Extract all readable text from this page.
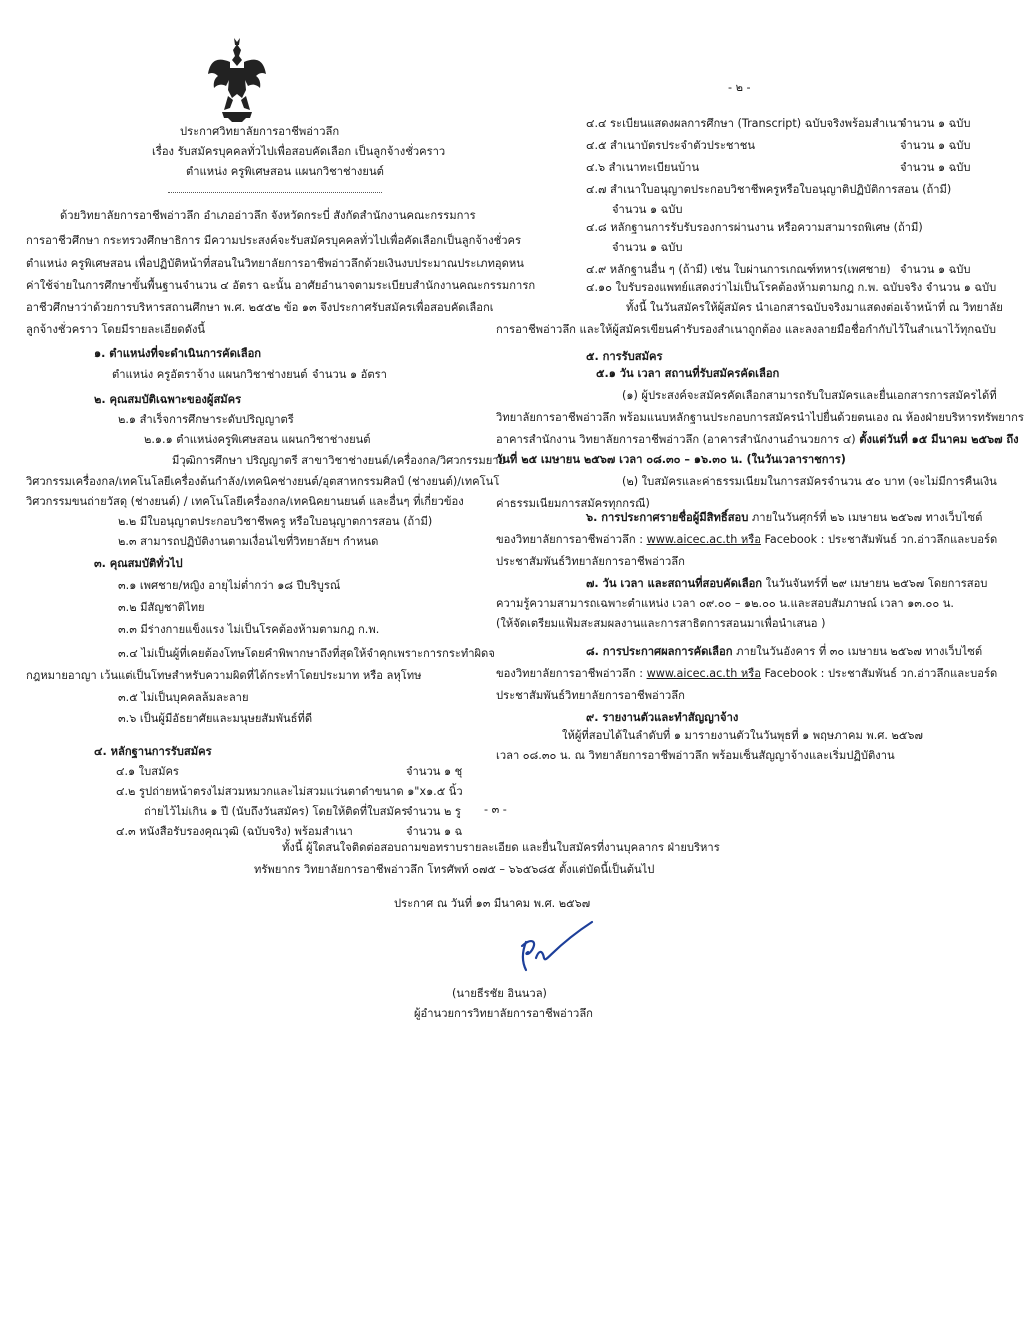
ประกาศวิทยาลัยการอาชีพอ่าวลึก
เรื่อง รับสมัครบุคคลทั่วไปเพื่อสอบคัดเลือก เป็นลูกจ้างชั่วคราว
ตำแหน่ง ครูพิเศษสอน แผนกวิชาช่างยนต์
ด้วยวิทยาลัยการอาชีพอ่าวลึก อำเภออ่าวลึก จังหวัดกระบี่ สังกัดสำนักงานคณะกรรมการ
การอาชีวศึกษา กระทรวงศึกษาธิการ มีความประสงค์จะรับสมัครบุคคลทั่วไปเพื่อคัดเลือกเป็นลูกจ้างชั่วคร
ตำแหน่ง ครูพิเศษสอน เพื่อปฏิบัติหน้าที่สอนในวิทยาลัยการอาชีพอ่าวลึกด้วยเงินงบประมาณประเภทอุดหน
ค่าใช้จ่ายในการศึกษาขั้นพื้นฐานจำนวน ๔ อัตรา ฉะนั้น อาศัยอำนาจตามระเบียบสำนักงานคณะกรรมการก
อาชีวศึกษาว่าด้วยการบริหารสถานศึกษา พ.ศ. ๒๕๕๒ ข้อ ๑๓ จึงประกาศรับสมัครเพื่อสอบคัดเลือกเ
ลูกจ้างชั่วคราว โดยมีรายละเอียดดังนี้
๑. ตำแหน่งที่จะดำเนินการคัดเลือก
ตำแหน่ง ครูอัตราจ้าง แผนกวิชาช่างยนต์ จำนวน ๑ อัตรา
๒. คุณสมบัติเฉพาะของผู้สมัคร
๒.๑ สำเร็จการศึกษาระดับปริญญาตรี
๒.๑.๑ ตำแหน่งครูพิเศษสอน แผนกวิชาช่างยนต์
มีวุฒิการศึกษา ปริญญาตรี สาขาวิชาช่างยนต์/เครื่องกล/วิศวกรรมยาย
วิศวกรรมเครื่องกล/เทคโนโลยีเครื่องต้นกำลัง/เทคนิคช่างยนต์/อุตสาหกรรมศิลป์ (ช่างยนต์)/เทคโนโ
วิศวกรรมขนถ่ายวัสดุ (ช่างยนต์) / เทคโนโลยีเครื่องกล/เทคนิคยานยนต์ และอื่นๆ ที่เกี่ยวข้อง
๒.๒ มีใบอนุญาตประกอบวิชาชีพครู หรือใบอนุญาตการสอน (ถ้ามี)
๒.๓ สามารถปฏิบัติงานตามเงื่อนไขที่วิทยาลัยฯ กำหนด
๓. คุณสมบัติทั่วไป
๓.๑ เพศชาย/หญิง อายุไม่ต่ำกว่า ๑๘ ปีบริบูรณ์
๓.๒ มีสัญชาติไทย
๓.๓ มีร่างกายแข็งแรง ไม่เป็นโรคต้องห้ามตามกฎ ก.พ.
๓.๔ ไม่เป็นผู้ที่เคยต้องโทษโดยคำพิพากษาถึงที่สุดให้จำคุกเพราะการกระทำผิดจ
กฎหมายอาญา เว้นแต่เป็นโทษสำหรับความผิดที่ได้กระทำโดยประมาท หรือ ลหุโทษ
๓.๕ ไม่เป็นบุคคลล้มละลาย
๓.๖ เป็นผู้มีอัธยาศัยและมนุษยสัมพันธ์ที่ดี
๔. หลักฐานการรับสมัคร
๔.๑ ใบสมัคร	จำนวน ๑ ชุ
๔.๒ รูปถ่ายหน้าตรงไม่สวมหมวกและไม่สวมแว่นตาดำขนาด ๑"x๑.๕ นิ้ว
ถ่ายไว้ไม่เกิน ๑ ปี (นับถึงวันสมัคร) โดยให้ติดที่ใบสมัคร
จำนวน ๒ รู
๔.๓ หนังสือรับรองคุณวุฒิ (ฉบับจริง) พร้อมสำเนา	จำนวน ๑ ฉ
- ๒ -
๔.๔ ระเบียนแสดงผลการศึกษา (Transcript) ฉบับจริงพร้อมสำเนา
จำนวน ๑ ฉบับ
๔.๕ สำเนาบัตรประจำตัวประชาชน	จำนวน ๑ ฉบับ
๔.๖ สำเนาทะเบียนบ้าน	จำนวน ๑ ฉบับ
๔.๗ สำเนาใบอนุญาตประกอบวิชาชีพครูหรือใบอนุญาติปฏิบัติการสอน (ถ้ามี)
จำนวน ๑ ฉบับ
๔.๘ หลักฐานการรับรับรองการผ่านงาน หรือความสามารถพิเศษ (ถ้ามี)
จำนวน ๑ ฉบับ
๔.๙ หลักฐานอื่น ๆ (ถ้ามี) เช่น ใบผ่านการเกณฑ์ทหาร(เพศชาย) จำนวน ๑ ฉบับ
๔.๑๐ ใบรับรองแพทย์แสดงว่าไม่เป็นโรคต้องห้ามตามกฎ ก.พ. ฉบับจริง จำนวน ๑ ฉบับ
ทั้งนี้ ในวันสมัครให้ผู้สมัคร นำเอกสารฉบับจริงมาแสดงต่อเจ้าหน้าที่ ณ วิทยาลัย
การอาชีพอ่าวลึก และให้ผู้สมัครเขียนคำรับรองสำเนาถูกต้อง และลงลายมือชื่อกำกับไว้ในสำเนาไว้ทุกฉบับ
๕. การรับสมัคร
๕.๑ วัน เวลา สถานที่รับสมัครคัดเลือก
(๑) ผู้ประสงค์จะสมัครคัดเลือกสามารถรับใบสมัครและยื่นเอกสารการสมัครได้ที่
วิทยาลัยการอาชีพอ่าวลึก พร้อมแนบหลักฐานประกอบการสมัครนำไปยื่นด้วยตนเอง ณ ห้องฝ่ายบริหารทรัพยากร
อาคารสำนักงาน วิทยาลัยการอาชีพอ่าวลึก (อาคารสำนักงานอำนวยการ ๔) ตั้งแต่วันที่ ๑๕ มีนาคม ๒๕๖๗ ถึง
วันที่ ๒๕ เมษายน ๒๕๖๗ เวลา ๐๘.๓๐ – ๑๖.๓๐ น. (ในวันเวลาราชการ)
(๒) ใบสมัครและค่าธรรมเนียมในการสมัครจำนวน ๕๐ บาท (จะไม่มีการคืนเงิน
ค่าธรรมเนียมการสมัครทุกกรณี)
๖. การประกาศรายชื่อผู้มีสิทธิ์สอบ ภายในวันศุกร์ที่ ๒๖ เมษายน ๒๕๖๗ ทางเว็บไซต์
ของวิทยาลัยการอาชีพอ่าวลึก : www.aicec.ac.th หรือ Facebook : ประชาสัมพันธ์ วก.อ่าวลึกและบอร์ด
ประชาสัมพันธ์วิทยาลัยการอาชีพอ่าวลึก
๗. วัน เวลา และสถานที่สอบคัดเลือก ในวันจันทร์ที่ ๒๙ เมษายน ๒๕๖๗ โดยการสอบ
ความรู้ความสามารถเฉพาะตำแหน่ง เวลา ๐๙.๐๐ – ๑๒.๐๐ น.และสอบสัมภาษณ์ เวลา ๑๓.๐๐ น.
(ให้จัดเตรียมแฟ้มสะสมผลงานและการสาธิตการสอนมาเพื่อนำเสนอ )
๘. การประกาศผลการคัดเลือก ภายในวันอังคาร ที่ ๓๐ เมษายน ๒๕๖๗ ทางเว็บไซต์
ของวิทยาลัยการอาชีพอ่าวลึก : www.aicec.ac.th หรือ Facebook : ประชาสัมพันธ์ วก.อ่าวลึกและบอร์ด
ประชาสัมพันธ์วิทยาลัยการอาชีพอ่าวลึก
๙. รายงานตัวและทำสัญญาจ้าง
ให้ผู้ที่สอบได้ในลำดับที่ ๑ มารายงานตัวในวันพุธที่ ๑ พฤษภาคม พ.ศ. ๒๕๖๗
เวลา ๐๘.๓๐ น. ณ วิทยาลัยการอาชีพอ่าวลึก พร้อมเซ็นสัญญาจ้างและเริ่มปฏิบัติงาน
- ๓ -
ทั้งนี้ ผู้ใดสนใจติดต่อสอบถามขอทราบรายละเอียด และยื่นใบสมัครที่งานบุคลากร ฝ่ายบริหาร
ทรัพยากร วิทยาลัยการอาชีพอ่าวลึก โทรศัพท์ ๐๗๕ – ๖๖๕๖๘๕ ตั้งแต่บัดนี้เป็นต้นไป
ประกาศ ณ วันที่ ๑๓ มีนาคม พ.ศ. ๒๕๖๗
(นายธีรชัย อินนวล)
ผู้อำนวยการวิทยาลัยการอาชีพอ่าวลึก
